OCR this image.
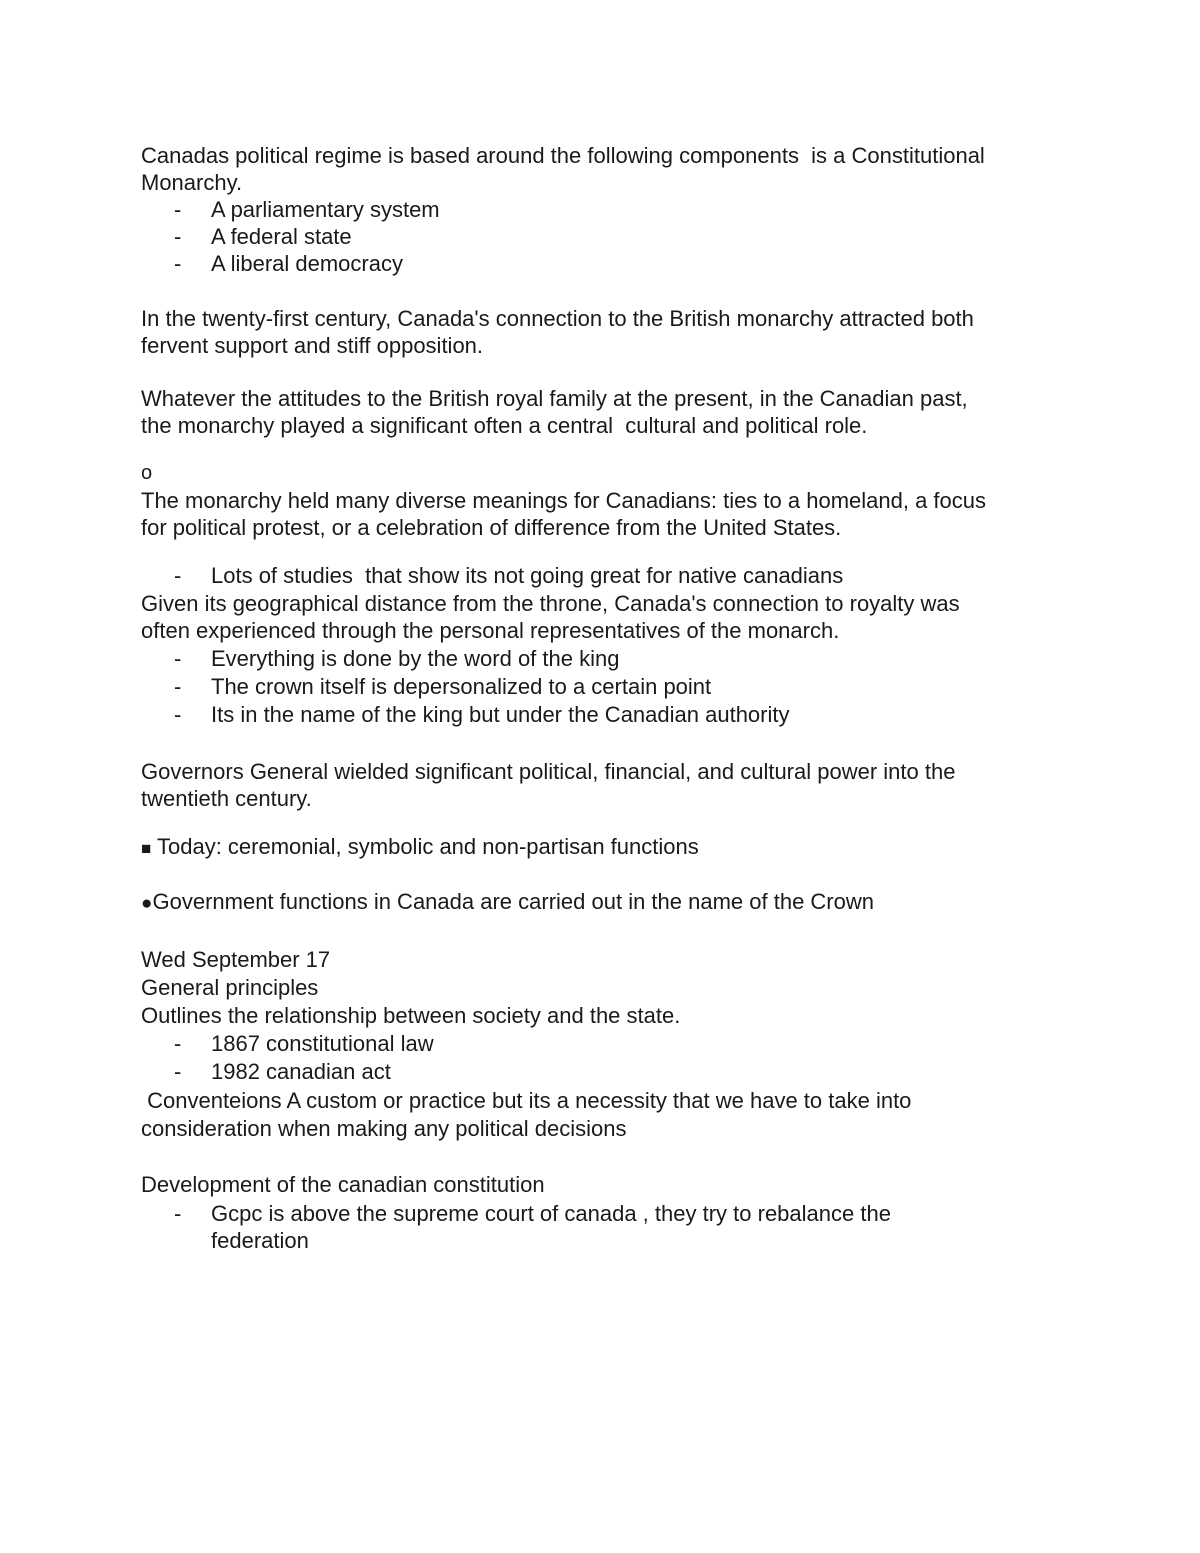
Canadas political regime is based around the following components  is a Constitutional
Monarchy.

-

A parliamentary system

-

A federal state

-

A liberal democracy

In the twenty-first century, Canada's connection to the British monarchy attracted both
fervent support and stiff opposition.
Whatever the attitudes to the British royal family at the present, in the Canadian past,
the monarchy played a significant often a central  cultural and political role.
o
The monarchy held many diverse meanings for Canadians: ties to a homeland, a focus
for political protest, or a celebration of difference from the United States.

-

Lots of studies  that show its not going great for native canadians

Given its geographical distance from the throne, Canada's connection to royalty was
often experienced through the personal representatives of the monarch.

-

Everything is done by the word of the king

-

The crown itself is depersonalized to a certain point

-

Its in the name of the king but under the Canadian authority

Governors General wielded significant political, financial, and cultural power into the
twentieth century.
■ Today: ceremonial, symbolic and non-partisan functions
●Government functions in Canada are carried out in the name of the Crown
Wed September 17
General principles
Outlines the relationship between society and the state.

-

1867 constitutional law

-

1982 canadian act

Conventeions A custom or practice but its a necessity that we have to take into
consideration when making any political decisions
Development of the canadian constitution

-

Gcpc is above the supreme court of canada , they try to rebalance the

federation
